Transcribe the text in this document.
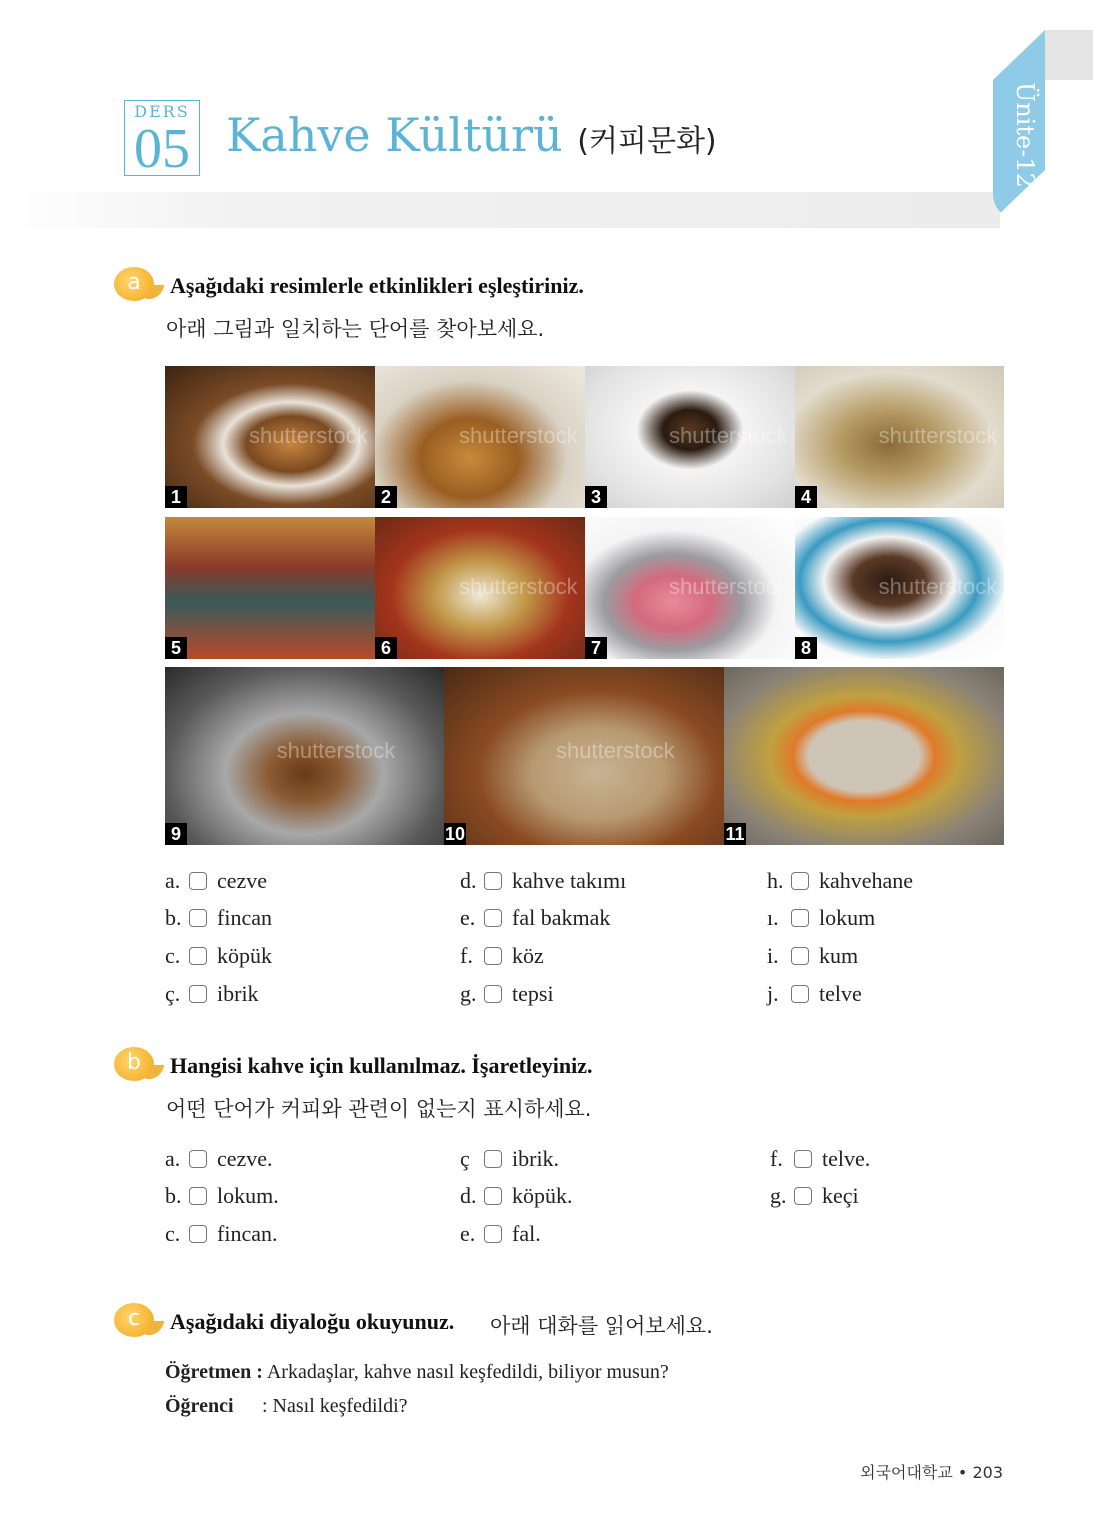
DERS
05 Kahve Kültürü (커피문화)	Ünite-12
a	Aşağıdaki resimlerle etkinlikleri eşleştiriniz.
아래 그림과 일치하는 단어를 찾아보세요.
shutterstock
1
shutterstock
2
shutterstock
3
shutterstock
4
5
shutterstock
6
shutterstock
7
shutterstock
8
shutterstock
9
shutterstock
10	11
a. cezve
b. fincan
c. köpük
ç. ibrik
d. kahve takımı
e. fal bakmak
f. köz
g. tepsi
h. kahvehane
ı. lokum
i. kum
j. telve
b	Hangisi kahve için kullanılmaz. İşaretleyiniz.
어떤 단어가 커피와 관련이 없는지 표시하세요.
a. cezve.
b. lokum.
c. fincan.
ç ibrik.
d. köpük.
e. fal.
f. telve.
g. keçi
c	Aşağıdaki diyaloğu okuyunuz. 아래 대화를 읽어보세요.
Öğretmen : Arkadaşlar, kahve nasıl keşfedildi, biliyor musun?
Öğrenci : Nasıl keşfedildi?
외국어대학교 • 203
